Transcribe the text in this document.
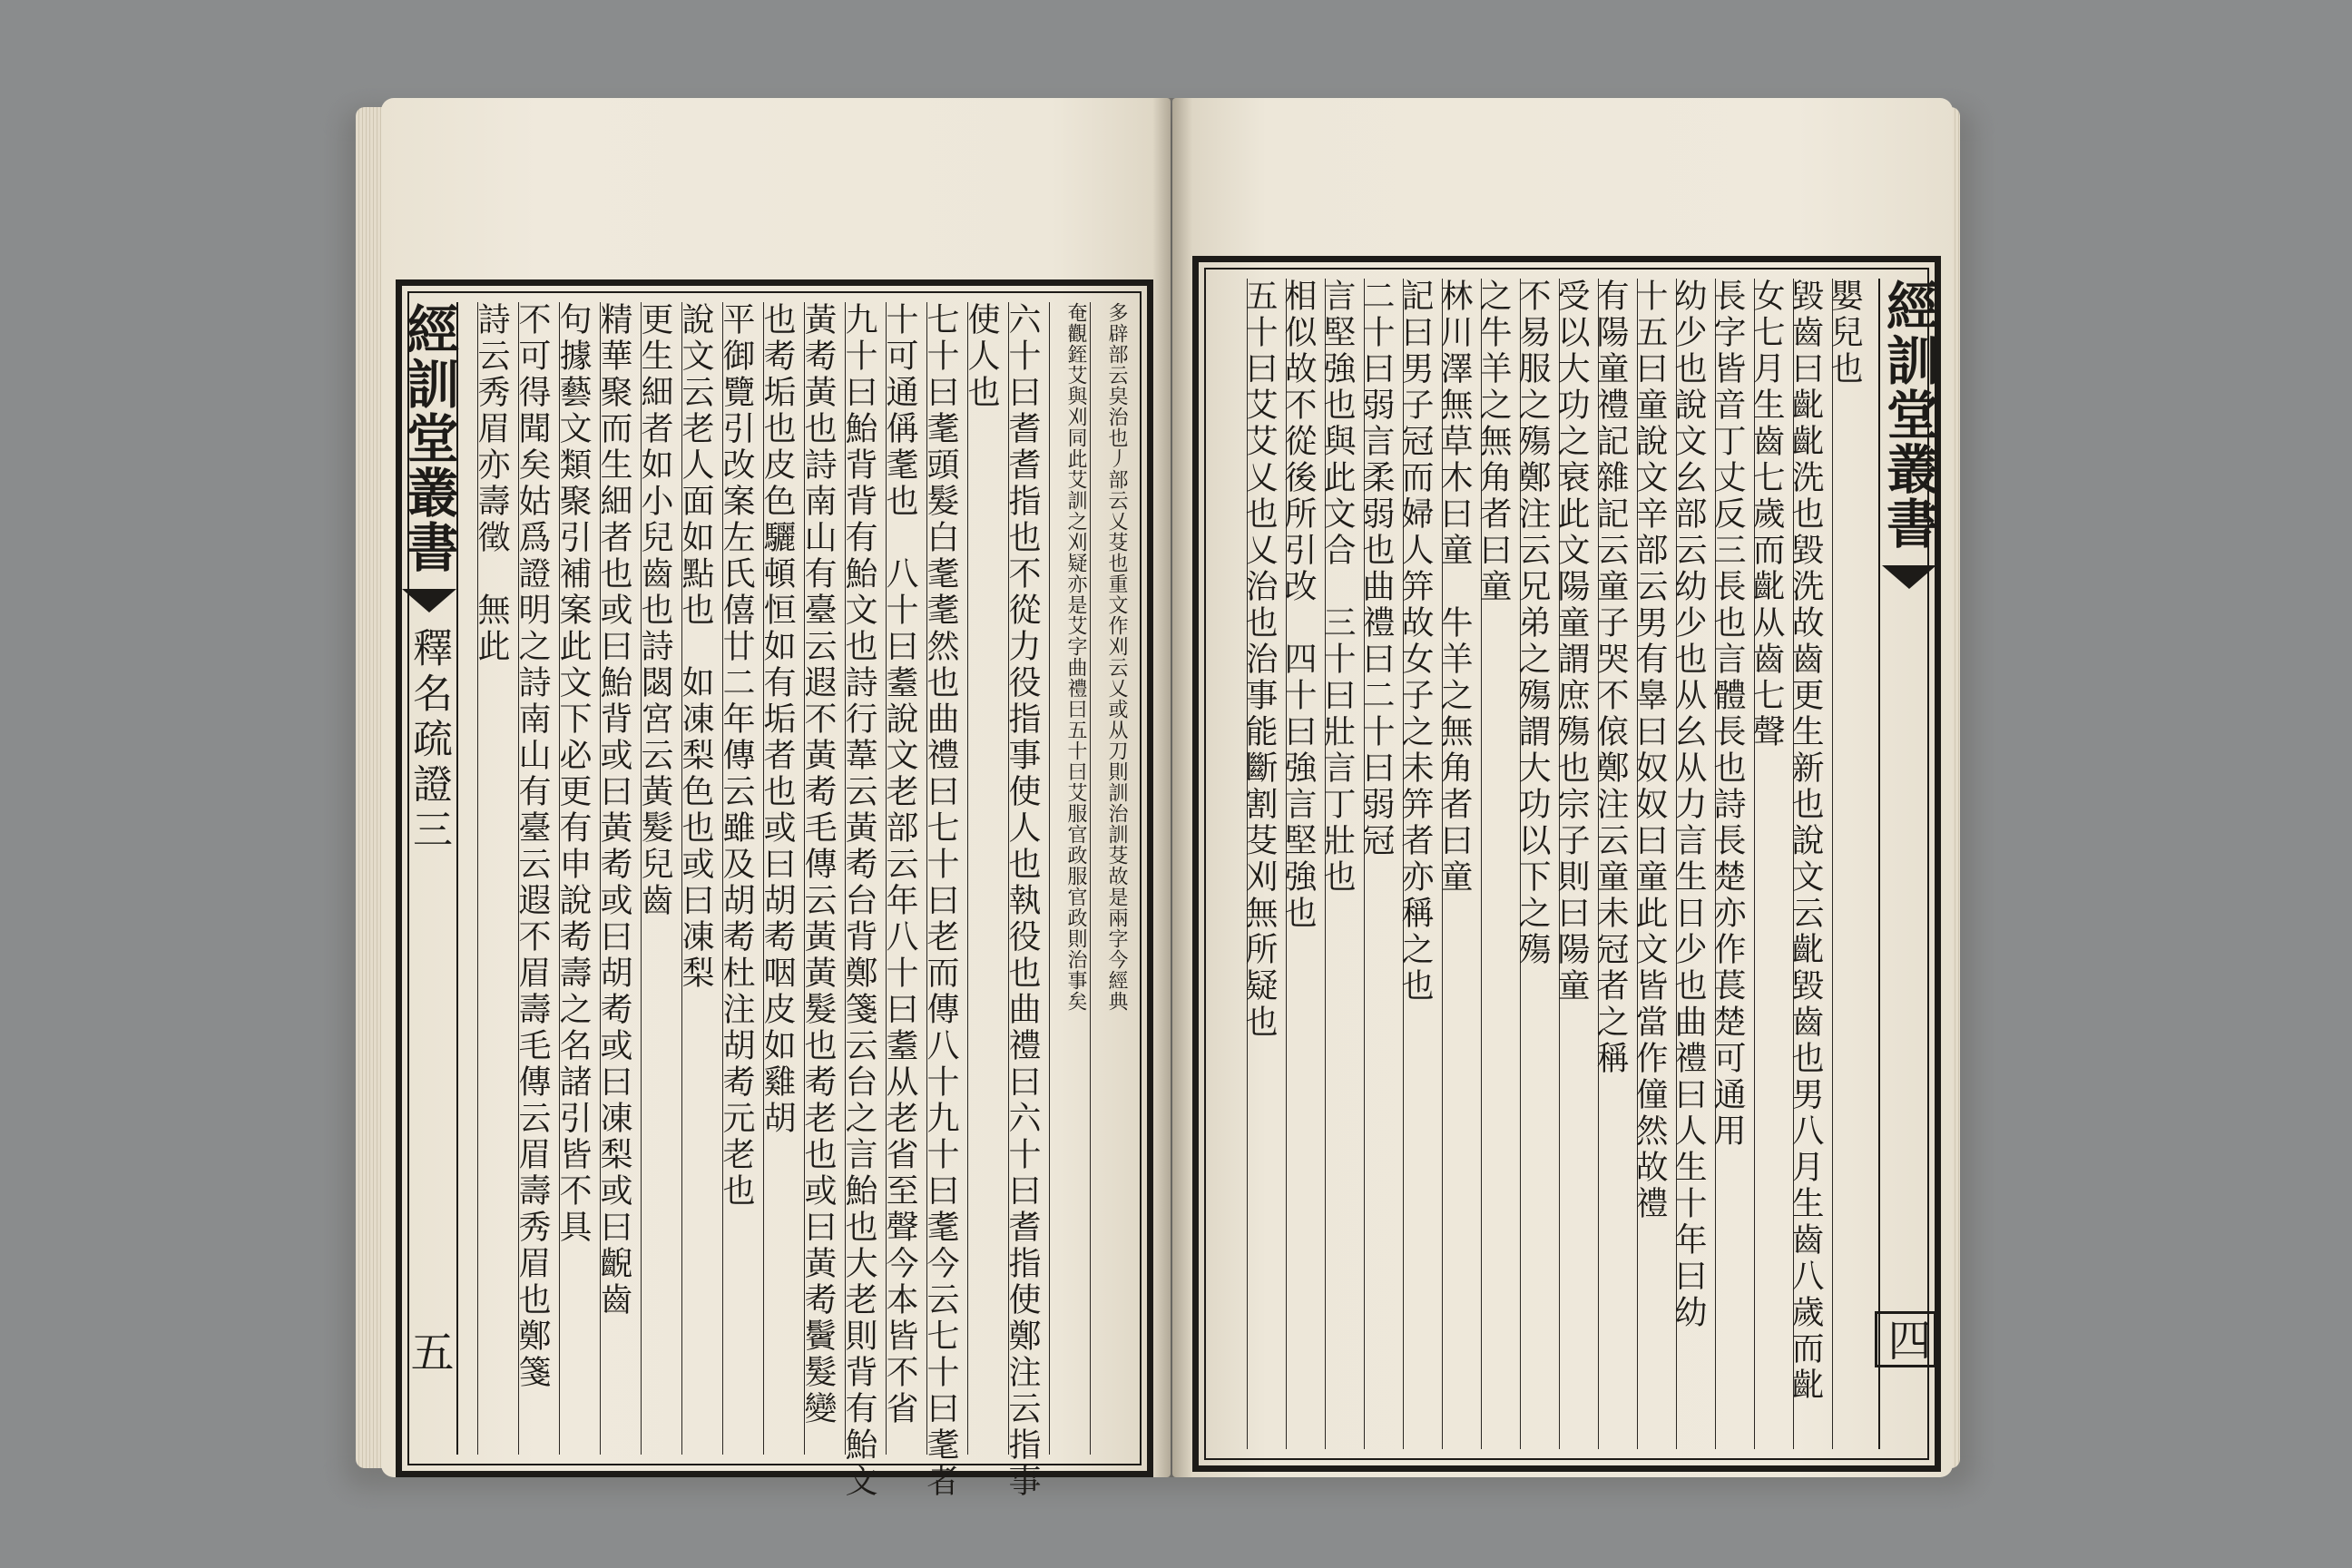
多辟部云㚖治也丿部云乂芟也重文作刈云乂或从刀則訓治訓芟故是兩字今經典
奄觀銍艾與刈同此艾訓之刈疑亦是艾字曲禮曰五十曰艾服官政服官政則治事矣
六十曰耆耆指也不從力役指事使人也執役也曲禮曰六十曰耆指使鄭注云指事
使人也
七十曰耄頭髮白耄耄然也曲禮曰七十曰老而傳八十九十曰耄今云七十曰耄者
十可通偁耄也　八十曰耋說文老部云年八十曰耋从老省至聲今本皆不省
九十曰鮐背背有鮐文也詩行葦云黃耇台背鄭箋云台之言鮐也大老則背有鮐文
黃耇黃也詩南山有臺云遐不黃耇毛傳云黃黃髮也耇老也或曰黃耇鬢髮變
也耇垢也皮色驪頓恒如有垢者也或曰胡耇咽皮如雞胡
平御覽引改案左氏僖廿二年傳云雖及胡耇杜注胡耇元老也
說文云老人面如點也　如凍梨色也或曰凍梨
更生細者如小兒齒也詩閟宮云黃髮兒齒
精華聚而生細者也或曰鮐背或曰黃耇或曰胡耇或曰凍梨或曰齯齒
句據藝文類聚引補案此文下必更有申說耇壽之名諸引皆不具
不可得聞矣姑爲證明之詩南山有臺云遐不眉壽毛傳云眉壽秀眉也鄭箋
詩云秀眉亦壽徵　無此
經訓堂叢書
釋名疏證三
五
嬰兒也
毀齒曰齔齔洗也毀洗故齒更生新也說文云齔毀齒也男八月生齒八歲而齔
女七月生齒七歲而齔从齒七聲
長字皆音丁丈反三長也言體長也詩長楚亦作萇楚可通用
幼少也說文幺部云幼少也从幺从力言生日少也曲禮曰人生十年曰幼
十五曰童說文辛部云男有辠曰奴奴曰童此文皆當作僮然故禮
有陽童禮記雜記云童子哭不偯鄭注云童未冠者之稱
受以大功之衰此文陽童謂庶殤也宗子則曰陽童
不易服之殤鄭注云兄弟之殤謂大功以下之殤
之牛羊之無角者曰童
林川澤無草木曰童　牛羊之無角者曰童
記曰男子冠而婦人笄故女子之未笄者亦稱之也
二十曰弱言柔弱也曲禮曰二十曰弱冠
言堅強也與此文合　三十曰壯言丁壯也
相似故不從後所引改　四十曰強言堅強也
五十曰艾艾乂也乂治也治事能斷割芟刈無所疑也	經訓堂叢書
四
